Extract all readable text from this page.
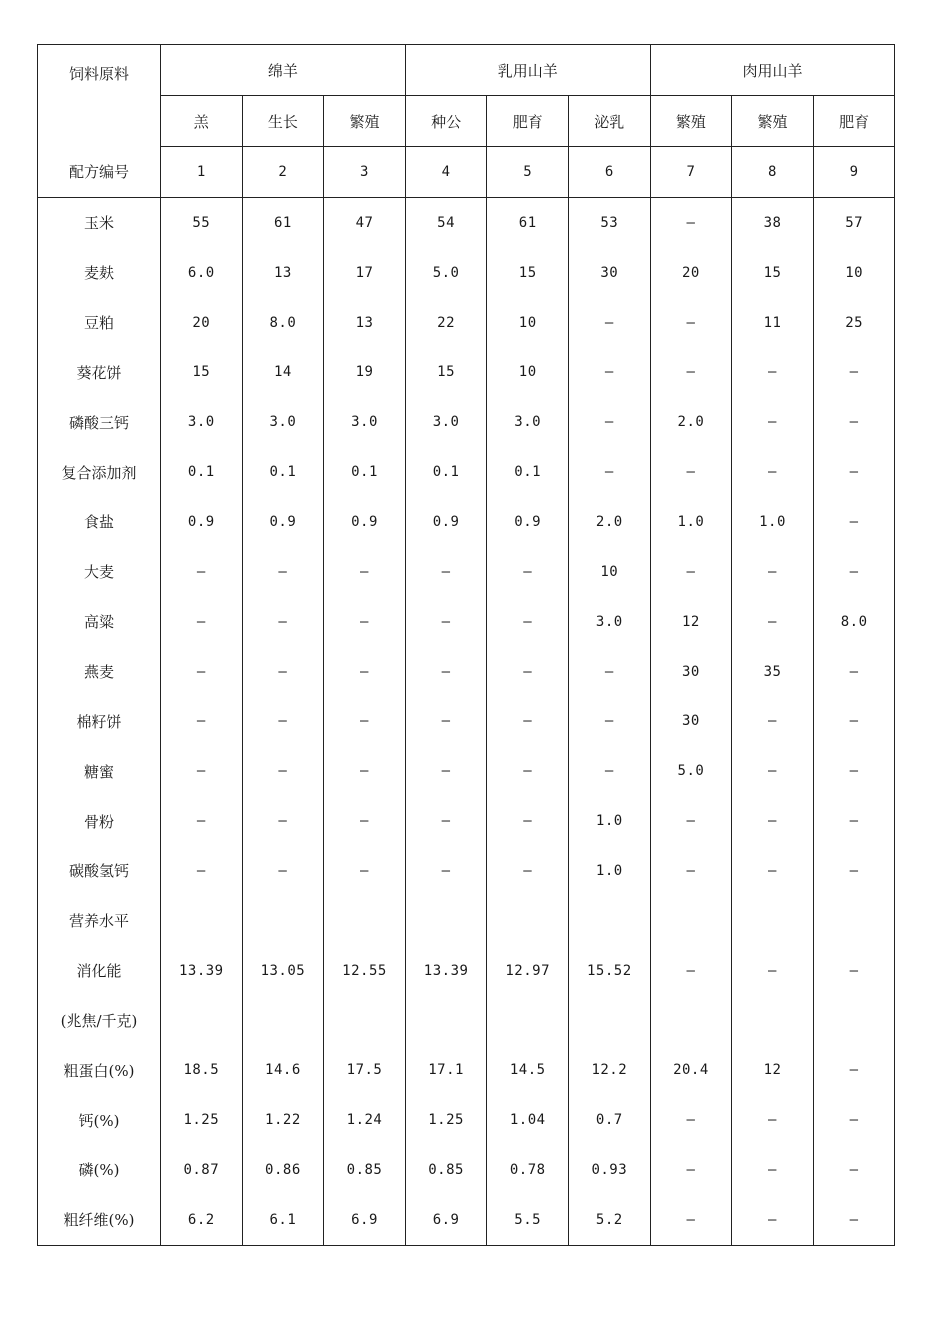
饲料原料	绵羊			乳用山羊			肉用山羊		
	羔	生长	繁殖	种公	肥育	泌乳	繁殖	繁殖	肥育
配方编号	1	2	3	4	5	6	7	8	9
玉米	55	61	47	54	61	53	—	38	57
麦麸	6.0	13	17	5.0	15	30	20	15	10
豆粕	20	8.0	13	22	10	—	—	11	25
葵花饼	15	14	19	15	10	—	—	—	—
磷酸三钙	3.0	3.0	3.0	3.0	3.0	—	2.0	—	—
复合添加剂	0.1	0.1	0.1	0.1	0.1	—	—	—	—
食盐	0.9	0.9	0.9	0.9	0.9	2.0	1.0	1.0	—
大麦	—	—	—	—	—	10	—	—	—
高粱	—	—	—	—	—	3.0	12	—	8.0
燕麦	—	—	—	—	—	—	30	35	—
棉籽饼	—	—	—	—	—	—	30	—	—
糖蜜	—	—	—	—	—	—	5.0	—	—
骨粉	—	—	—	—	—	1.0	—	—	—
碳酸氢钙	—	—	—	—	—	1.0	—	—	—
营养水平									
消化能	13.39	13.05	12.55	13.39	12.97	15.52	—	—	—
(兆焦/千克)									
粗蛋白(%)	18.5	14.6	17.5	17.1	14.5	12.2	20.4	12	—
钙(%)	1.25	1.22	1.24	1.25	1.04	0.7	—	—	—
磷(%)	0.87	0.86	0.85	0.85	0.78	0.93	—	—	—
粗纤维(%)	6.2	6.1	6.9	6.9	5.5	5.2	—	—	—
